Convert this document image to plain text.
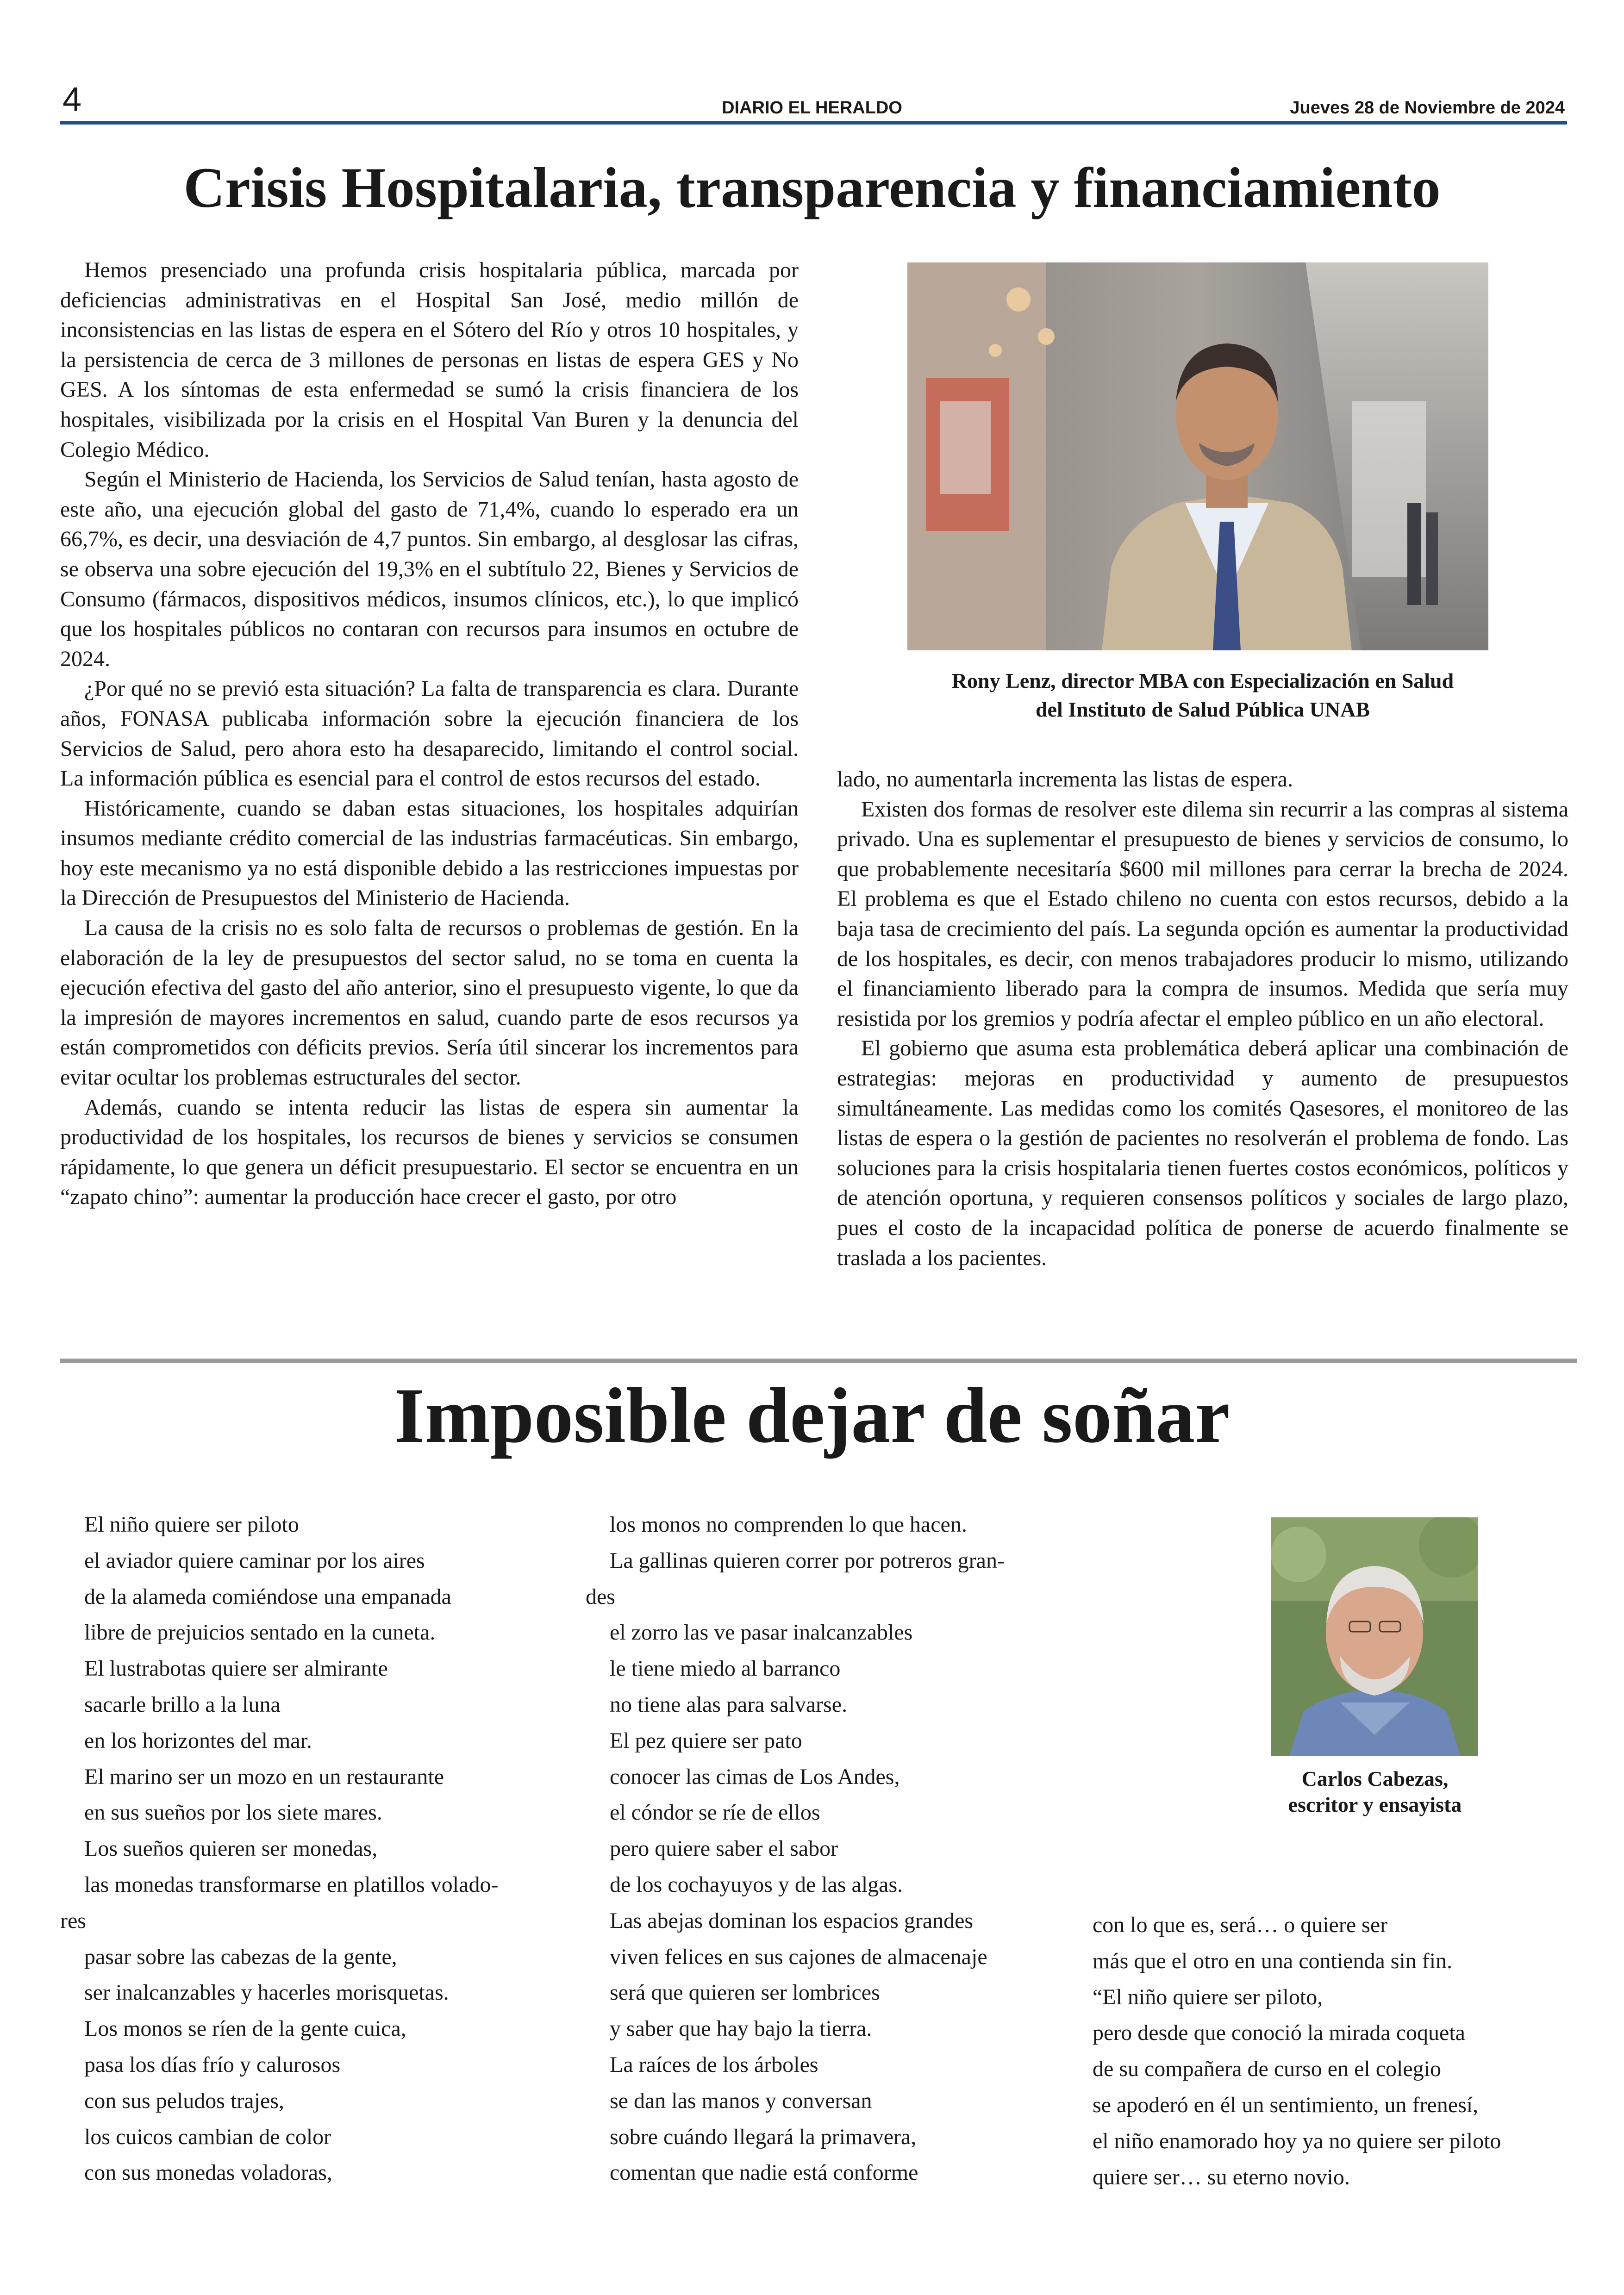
4	DIARIO EL HERALDO	Jueves 28 de Noviembre de 2024
Crisis Hospitalaria, transparencia y financiamiento

Hemos presenciado una profunda crisis hospitalaria pública, marcada por deficiencias administrativas en el Hospital San José, medio millón de inconsistencias en las listas de espera en el Sótero del Río y otros 10 hospitales, y la persistencia de cerca de 3 millones de personas en listas de espera GES y No GES. A los síntomas de esta enfermedad se sumó la crisis financiera de los hospitales, visibilizada por la crisis en el Hospital Van Buren y la denuncia del Colegio Médico.

Según el Ministerio de Hacienda, los Servicios de Salud tenían, hasta agosto de este año, una ejecución global del gasto de 71,4%, cuando lo esperado era un 66,7%, es decir, una desviación de 4,7 puntos. Sin embargo, al desglosar las cifras, se observa una sobre ejecución del 19,3% en el subtítulo 22, Bienes y Servicios de Consumo (fármacos, dispositivos médicos, insumos clínicos, etc.), lo que implicó que los hospitales públicos no contaran con recursos para insumos en octubre de 2024.

¿Por qué no se previó esta situación? La falta de transparencia es clara. Durante años, FONASA publicaba información sobre la ejecución financiera de los Servicios de Salud, pero ahora esto ha desaparecido, limitando el control social. La información pública es esencial para el control de estos recursos del estado.

Históricamente, cuando se daban estas situaciones, los hospitales adquirían insumos mediante crédito comercial de las industrias farmacéuticas. Sin embargo, hoy este mecanismo ya no está disponible debido a las restricciones impuestas por la Dirección de Presupuestos del Ministerio de Hacienda.

La causa de la crisis no es solo falta de recursos o problemas de gestión. En la elaboración de la ley de presupuestos del sector salud, no se toma en cuenta la ejecución efectiva del gasto del año anterior, sino el presupuesto vigente, lo que da la impresión de mayores incrementos en salud, cuando parte de esos recursos ya están comprometidos con déficits previos. Sería útil sincerar los incrementos para evitar ocultar los problemas estructurales del sector.

Además, cuando se intenta reducir las listas de espera sin aumentar la productividad de los hospitales, los recursos de bienes y servicios se consumen rápidamente, lo que genera un déficit presupuestario. El sector se encuentra en un “zapato chino”: aumentar la producción hace crecer el gasto, por otro

Rony Lenz, director MBA con Especialización en Salud
del Instituto de Salud Pública UNAB

lado, no aumentarla incrementa las listas de espera.

Existen dos formas de resolver este dilema sin recurrir a las compras al sistema privado. Una es suplementar el presupuesto de bienes y servicios de consumo, lo que probablemente necesitaría $600 mil millones para cerrar la brecha de 2024. El problema es que el Estado chileno no cuenta con estos recursos, debido a la baja tasa de crecimiento del país. La segunda opción es aumentar la productividad de los hospitales, es decir, con menos trabajadores producir lo mismo, utilizando el financiamiento liberado para la compra de insumos. Medida que sería muy resistida por los gremios y podría afectar el empleo público en un año electoral.

El gobierno que asuma esta problemática deberá aplicar una combinación de estrategias: mejoras en productividad y aumento de presupuestos simultáneamente. Las medidas como los comités Qasesores, el monitoreo de las listas de espera o la gestión de pacientes no resolverán el problema de fondo. Las soluciones para la crisis hospitalaria tienen fuertes costos económicos, políticos y de atención oportuna, y requieren consensos políticos y sociales de largo plazo, pues el costo de la incapacidad política de ponerse de acuerdo finalmente se traslada a los pacientes.

Imposible dejar de soñar
El niño quiere ser piloto
el aviador quiere caminar por los aires
de la alameda comiéndose una empanada
libre de prejuicios sentado en la cuneta.
El lustrabotas quiere ser almirante
sacarle brillo a la luna
en los horizontes del mar.
El marino ser un mozo en un restaurante
en sus sueños por los siete mares.
Los sueños quieren ser monedas,
las monedas transformarse en platillos volado-
res
pasar sobre las cabezas de la gente,
ser inalcanzables y hacerles morisquetas.
Los monos se ríen de la gente cuica,
pasa los días frío y calurosos
con sus peludos trajes,
los cuicos cambian de color
con sus monedas voladoras,
los monos no comprenden lo que hacen.
La gallinas quieren correr por potreros gran-
des
el zorro las ve pasar inalcanzables
le tiene miedo al barranco
no tiene alas para salvarse.
El pez quiere ser pato
conocer las cimas de Los Andes,
el cóndor se ríe de ellos
pero quiere saber el sabor
de los cochayuyos y de las algas.
Las abejas dominan los espacios grandes
viven felices en sus cajones de almacenaje
será que quieren ser lombrices
y saber que hay bajo la tierra.
La raíces de los árboles
se dan las manos y conversan
sobre cuándo llegará la primavera,
comentan que nadie está conforme
con lo que es, será… o quiere ser
más que el otro en una contienda sin fin.
“El niño quiere ser piloto,
pero desde que conoció la mirada coqueta
de su compañera de curso en el colegio
se apoderó en él un sentimiento, un frenesí,
el niño enamorado hoy ya no quiere ser piloto
quiere ser… su eterno novio.
Carlos Cabezas,
escritor y ensayista
